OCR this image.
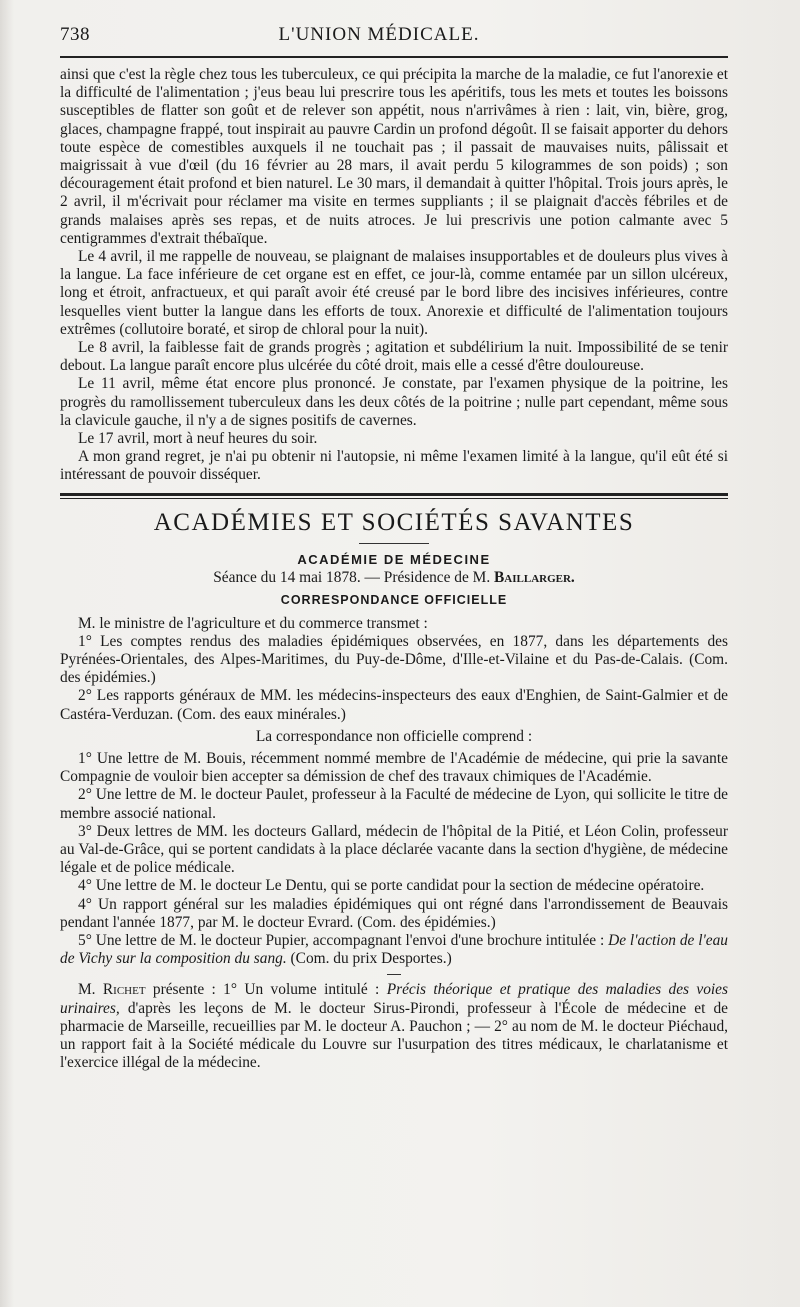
738	L'UNION MÉDICALE.

ainsi que c'est la règle chez tous les tuberculeux, ce qui précipita la marche de la maladie, ce fut l'anorexie et la difficulté de l'alimentation ; j'eus beau lui prescrire tous les apéritifs, tous les mets et toutes les boissons susceptibles de flatter son goût et de relever son appétit, nous n'arrivâmes à rien : lait, vin, bière, grog, glaces, champagne frappé, tout inspirait au pauvre Cardin un profond dégoût. Il se faisait apporter du dehors toute espèce de comestibles auxquels il ne touchait pas ; il passait de mauvaises nuits, pâlissait et maigrissait à vue d'œil (du 16 février au 28 mars, il avait perdu 5 kilogrammes de son poids) ; son découragement était profond et bien naturel. Le 30 mars, il demandait à quitter l'hôpital. Trois jours après, le 2 avril, il m'écrivait pour réclamer ma visite en termes suppliants ; il se plaignait d'accès fébriles et de grands malaises après ses repas, et de nuits atroces. Je lui prescrivis une potion calmante avec 5 centigrammes d'extrait thébaïque.

Le 4 avril, il me rappelle de nouveau, se plaignant de malaises insupportables et de douleurs plus vives à la langue. La face inférieure de cet organe est en effet, ce jour-là, comme entamée par un sillon ulcéreux, long et étroit, anfractueux, et qui paraît avoir été creusé par le bord libre des incisives inférieures, contre lesquelles vient butter la langue dans les efforts de toux. Anorexie et difficulté de l'alimentation toujours extrêmes (collutoire boraté, et sirop de chloral pour la nuit).

Le 8 avril, la faiblesse fait de grands progrès ; agitation et subdélirium la nuit. Impossibilité de se tenir debout. La langue paraît encore plus ulcérée du côté droit, mais elle a cessé d'être douloureuse.

Le 11 avril, même état encore plus prononcé. Je constate, par l'examen physique de la poitrine, les progrès du ramollissement tuberculeux dans les deux côtés de la poitrine ; nulle part cependant, même sous la clavicule gauche, il n'y a de signes positifs de cavernes.

Le 17 avril, mort à neuf heures du soir.

A mon grand regret, je n'ai pu obtenir ni l'autopsie, ni même l'examen limité à la langue, qu'il eût été si intéressant de pouvoir disséquer.

ACADÉMIES ET SOCIÉTÉS SAVANTES
ACADÉMIE DE MÉDECINE
Séance du 14 mai 1878. — Présidence de M. Baillarger.
CORRESPONDANCE OFFICIELLE

M. le ministre de l'agriculture et du commerce transmet :

1° Les comptes rendus des maladies épidémiques observées, en 1877, dans les départements des Pyrénées-Orientales, des Alpes-Maritimes, du Puy-de-Dôme, d'Ille-et-Vilaine et du Pas-de-Calais. (Com. des épidémies.)

2° Les rapports généraux de MM. les médecins-inspecteurs des eaux d'Enghien, de Saint-Galmier et de Castéra-Verduzan. (Com. des eaux minérales.)

La correspondance non officielle comprend :

1° Une lettre de M. Bouis, récemment nommé membre de l'Académie de médecine, qui prie la savante Compagnie de vouloir bien accepter sa démission de chef des travaux chimiques de l'Académie.

2° Une lettre de M. le docteur Paulet, professeur à la Faculté de médecine de Lyon, qui sollicite le titre de membre associé national.

3° Deux lettres de MM. les docteurs Gallard, médecin de l'hôpital de la Pitié, et Léon Colin, professeur au Val-de-Grâce, qui se portent candidats à la place déclarée vacante dans la section d'hygiène, de médecine légale et de police médicale.

4° Une lettre de M. le docteur Le Dentu, qui se porte candidat pour la section de médecine opératoire.

4° Un rapport général sur les maladies épidémiques qui ont régné dans l'arrondissement de Beauvais pendant l'année 1877, par M. le docteur Evrard. (Com. des épidémies.)

5° Une lettre de M. le docteur Pupier, accompagnant l'envoi d'une brochure intitulée : De l'action de l'eau de Vichy sur la composition du sang. (Com. du prix Desportes.)

M. Richet présente : 1° Un volume intitulé : Précis théorique et pratique des maladies des voies urinaires, d'après les leçons de M. le docteur Sirus-Pirondi, professeur à l'École de médecine et de pharmacie de Marseille, recueillies par M. le docteur A. Pauchon ; — 2° au nom de M. le docteur Piéchaud, un rapport fait à la Société médicale du Louvre sur l'usurpation des titres médicaux, le charlatanisme et l'exercice illégal de la médecine.
